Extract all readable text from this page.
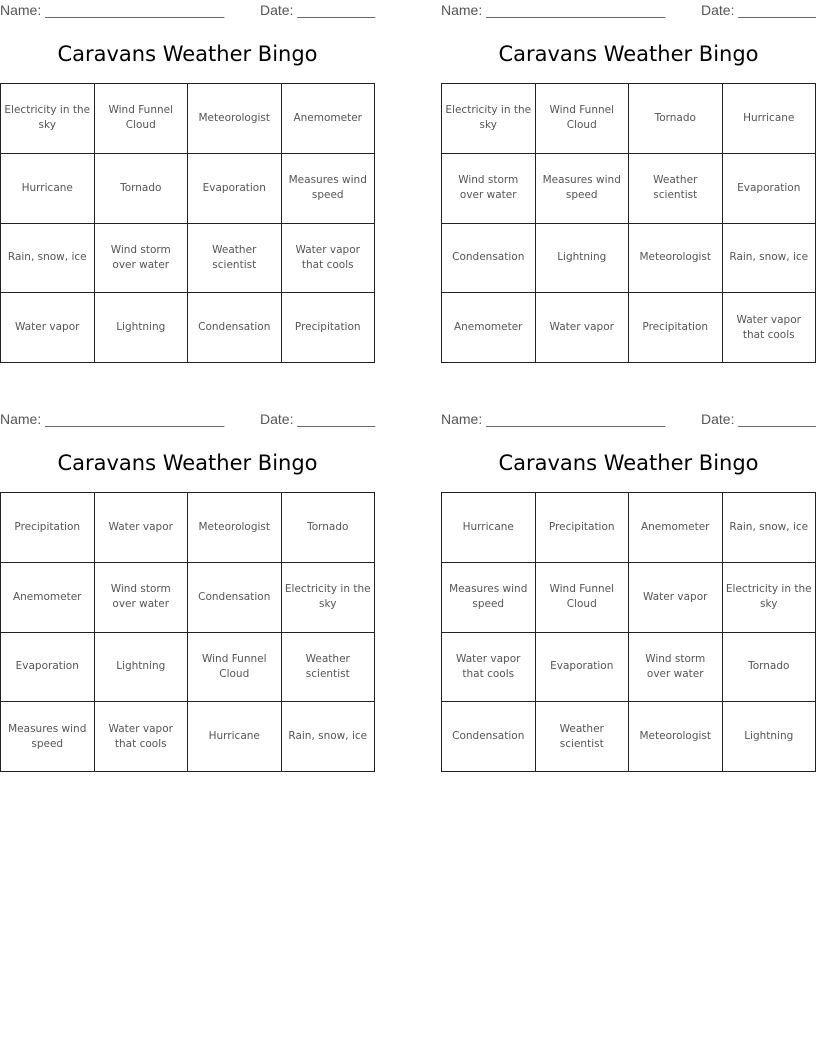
Name: _______________________	Date: __________
Caravans Weather Bingo
Electricity in the sky	Wind Funnel Cloud	Meteorologist	Anemometer
Hurricane	Tornado	Evaporation	Measures wind speed
Rain, snow, ice	Wind storm over water	Weather scientist	Water vapor that cools
Water vapor	Lightning	Condensation	Precipitation
Name: _______________________	Date: __________
Caravans Weather Bingo
Electricity in the sky	Wind Funnel Cloud	Tornado	Hurricane
Wind storm over water	Measures wind speed	Weather scientist	Evaporation
Condensation	Lightning	Meteorologist	Rain, snow, ice
Anemometer	Water vapor	Precipitation	Water vapor that cools
Name: _______________________	Date: __________
Caravans Weather Bingo
Precipitation	Water vapor	Meteorologist	Tornado
Anemometer	Wind storm over water	Condensation	Electricity in the sky
Evaporation	Lightning	Wind Funnel Cloud	Weather scientist
Measures wind speed	Water vapor that cools	Hurricane	Rain, snow, ice
Name: _______________________	Date: __________
Caravans Weather Bingo
Hurricane	Precipitation	Anemometer	Rain, snow, ice
Measures wind speed	Wind Funnel Cloud	Water vapor	Electricity in the sky
Water vapor that cools	Evaporation	Wind storm over water	Tornado
Condensation	Weather scientist	Meteorologist	Lightning
